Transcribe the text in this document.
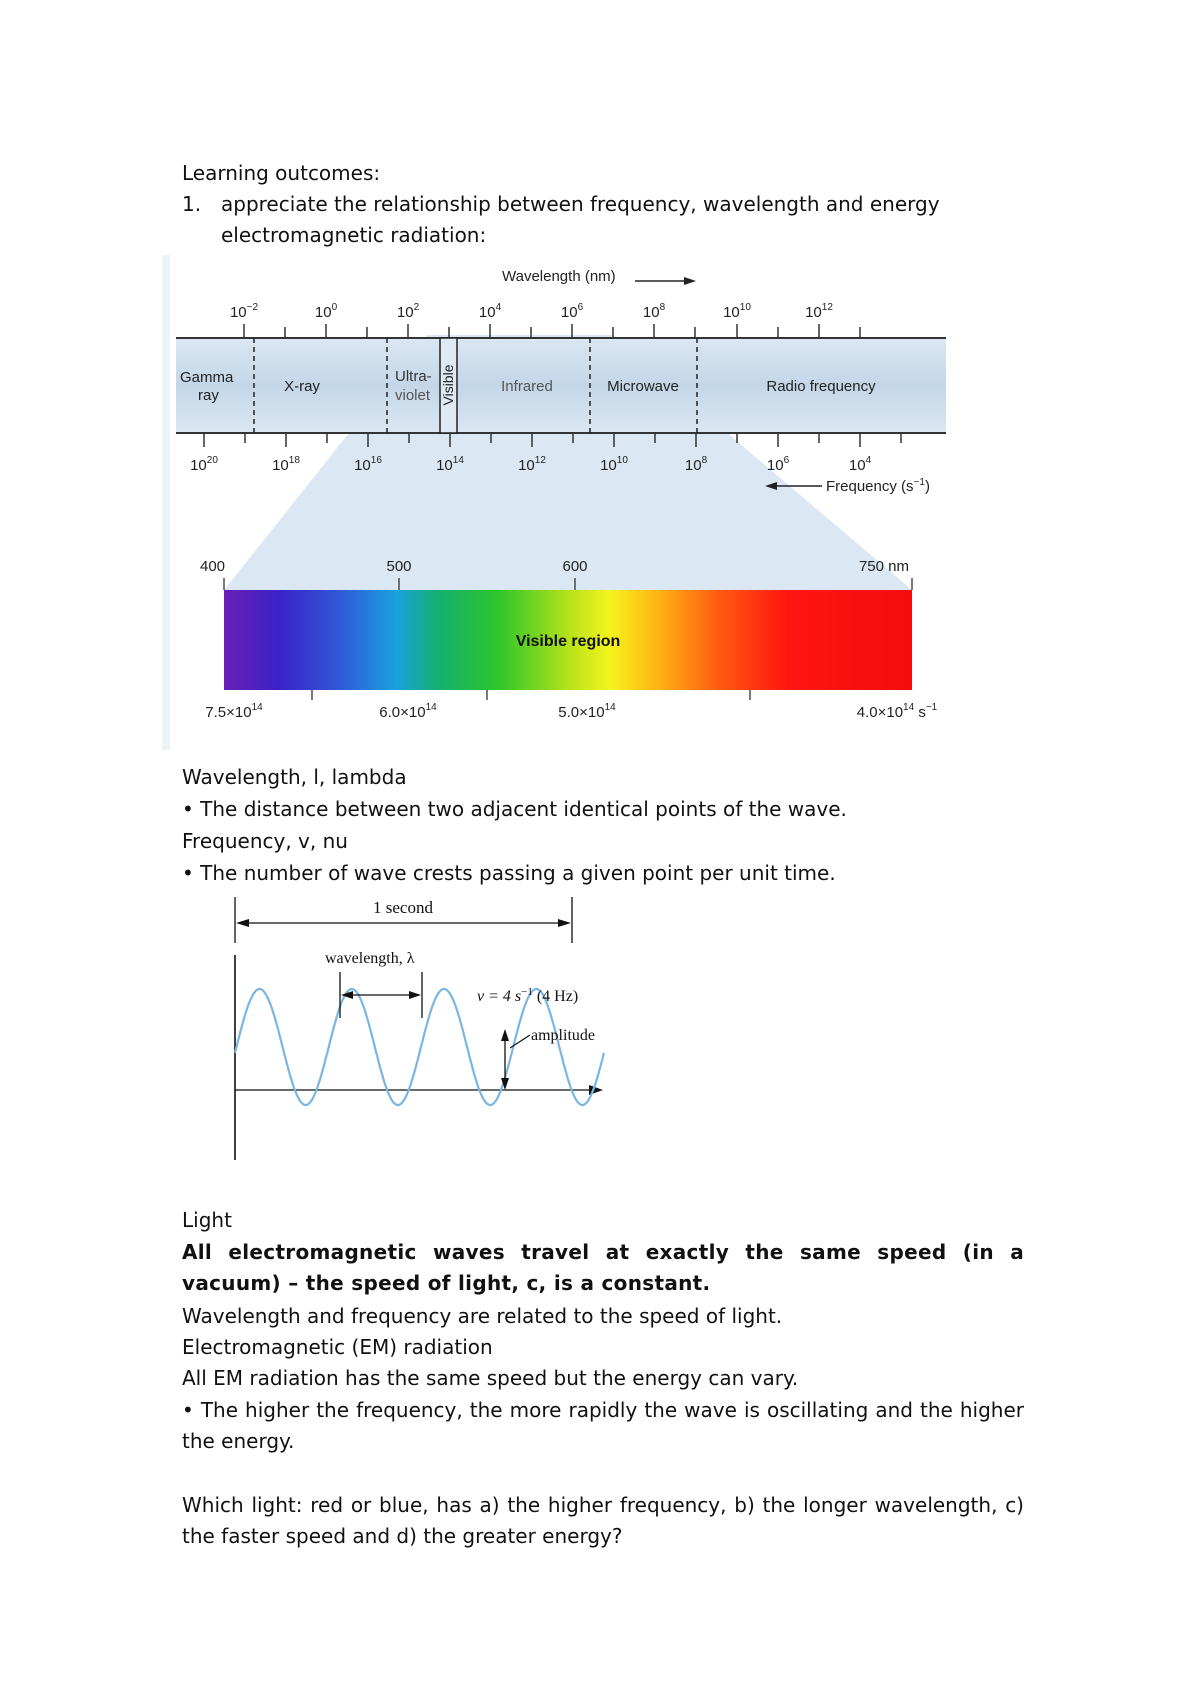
Learning outcomes:
1. appreciate the relationship between frequency, wavelength and energy
electromagnetic radiation:
Wavelength (nm)
$10^{-2}$	$10^0$	$10^2$	$10^4$	$10^6$	$10^8$	$10^{10}$	$10^{12}$
Gamma
ray
X-ray
Ultra-
violet Visible	Infrared	Microwave	Radio frequency
$10^{20}$	$10^{18}$	$10^{16}$	$10^{14}$	$10^{12}$	$10^{10}$	$10^8$	$10^6$	$10^4$
Frequency $(s^{-1})$
400	500	600	750 nm
Visible region
$7.5\times 10^{14}$	$6.0\times 10^{14}$	$5.0\times 10^{14}$	$4.0\times 10^{14}$ $s^{-1}$
Wavelength, l, lambda
• The distance between two adjacent identical points of the wave.
Frequency, v, nu
• The number of wave crests passing a given point per unit time.
1 second
wavelength, λ
ν = 4 $s^{-1}$ (4 Hz)
amplitude
Light
All electromagnetic waves travel at exactly the same speed (in a vacuum) – the speed of light, c, is a constant.
Wavelength and frequency are related to the speed of light.
Electromagnetic (EM) radiation
All EM radiation has the same speed but the energy can vary.
• The higher the frequency, the more rapidly the wave is oscillating and the higher the energy.
Which light: red or blue, has a) the higher frequency, b) the longer wavelength, c) the faster speed and d) the greater energy?
